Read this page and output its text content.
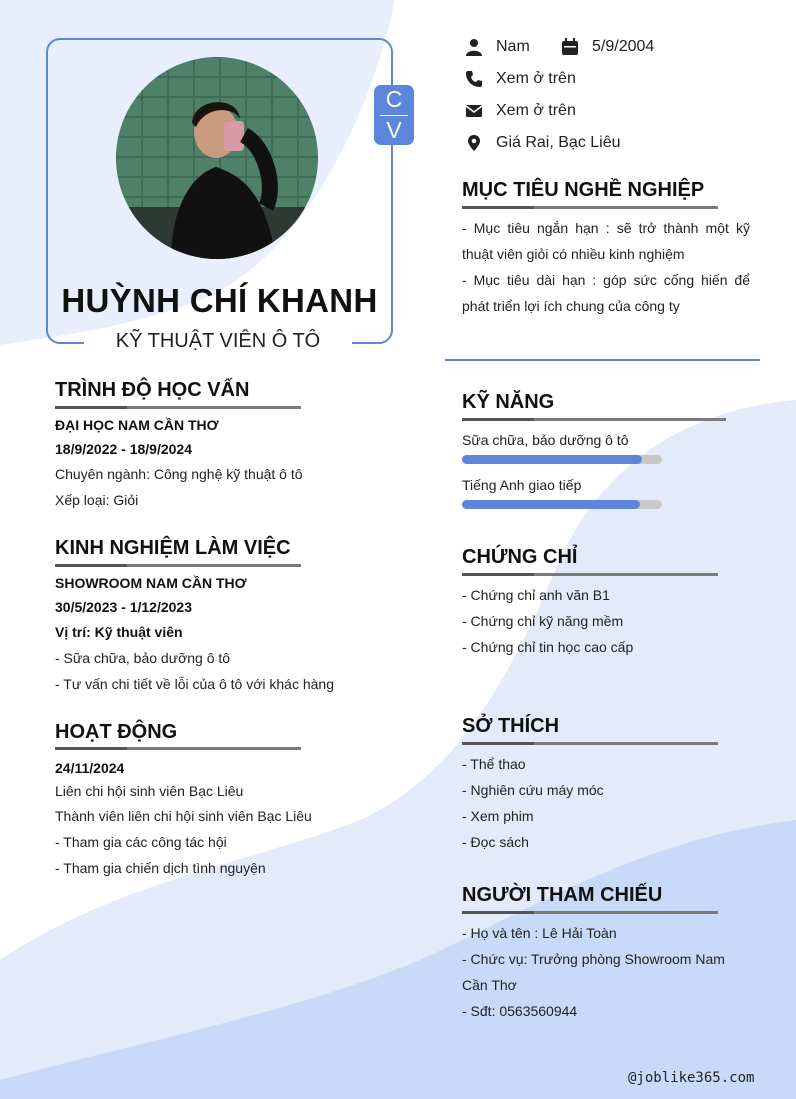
C
V
HUỲNH CHÍ KHANH
KỸ THUẬT VIÊN Ô TÔ
Nam	5/9/2004
Xem ở trên
Xem ở trên
Giá Rai, Bạc Liêu
MỤC TIÊU NGHỀ NGHIỆP
- Mục tiêu ngắn hạn : sẽ trở thành một kỹ thuật viên giỏi có nhiều kinh nghiệm
- Mục tiêu dài hạn : góp sức cống hiến để phát triển lợi ích chung của công ty
TRÌNH ĐỘ HỌC VẤN
ĐẠI HỌC NAM CẦN THƠ
18/9/2022 - 18/9/2024
Chuyên ngành: Công nghệ kỹ thuật ô tô
Xếp loại: Giỏi
KINH NGHIỆM LÀM VIỆC
SHOWROOM NAM CẦN THƠ
30/5/2023 - 1/12/2023
Vị trí: Kỹ thuật viên
- Sữa chữa, bảo dưỡng ô tô
- Tư vấn chi tiết về lỗi của ô tô với khác hàng
HOẠT ĐỘNG
24/11/2024
Liên chi hội sinh viên Bạc Liêu
Thành viên liên chi hội sinh viên Bạc Liêu
- Tham gia các công tác hội
- Tham gia chiến dịch tình nguyện
KỸ NĂNG
Sữa chữa, bảo dưỡng ô tô
Tiếng Anh giao tiếp
CHỨNG CHỈ
- Chứng chỉ anh văn B1
- Chứng chỉ kỹ năng mềm
- Chứng chỉ tin học cao cấp
SỞ THÍCH
- Thể thao
- Nghiên cứu máy móc
- Xem phim
- Đọc sách
NGƯỜI THAM CHIẾU
- Họ và tên : Lê Hải Toàn
- Chức vụ: Trưởng phòng Showroom Nam Cần Thơ
- Sđt: 0563560944
@joblike365.com
